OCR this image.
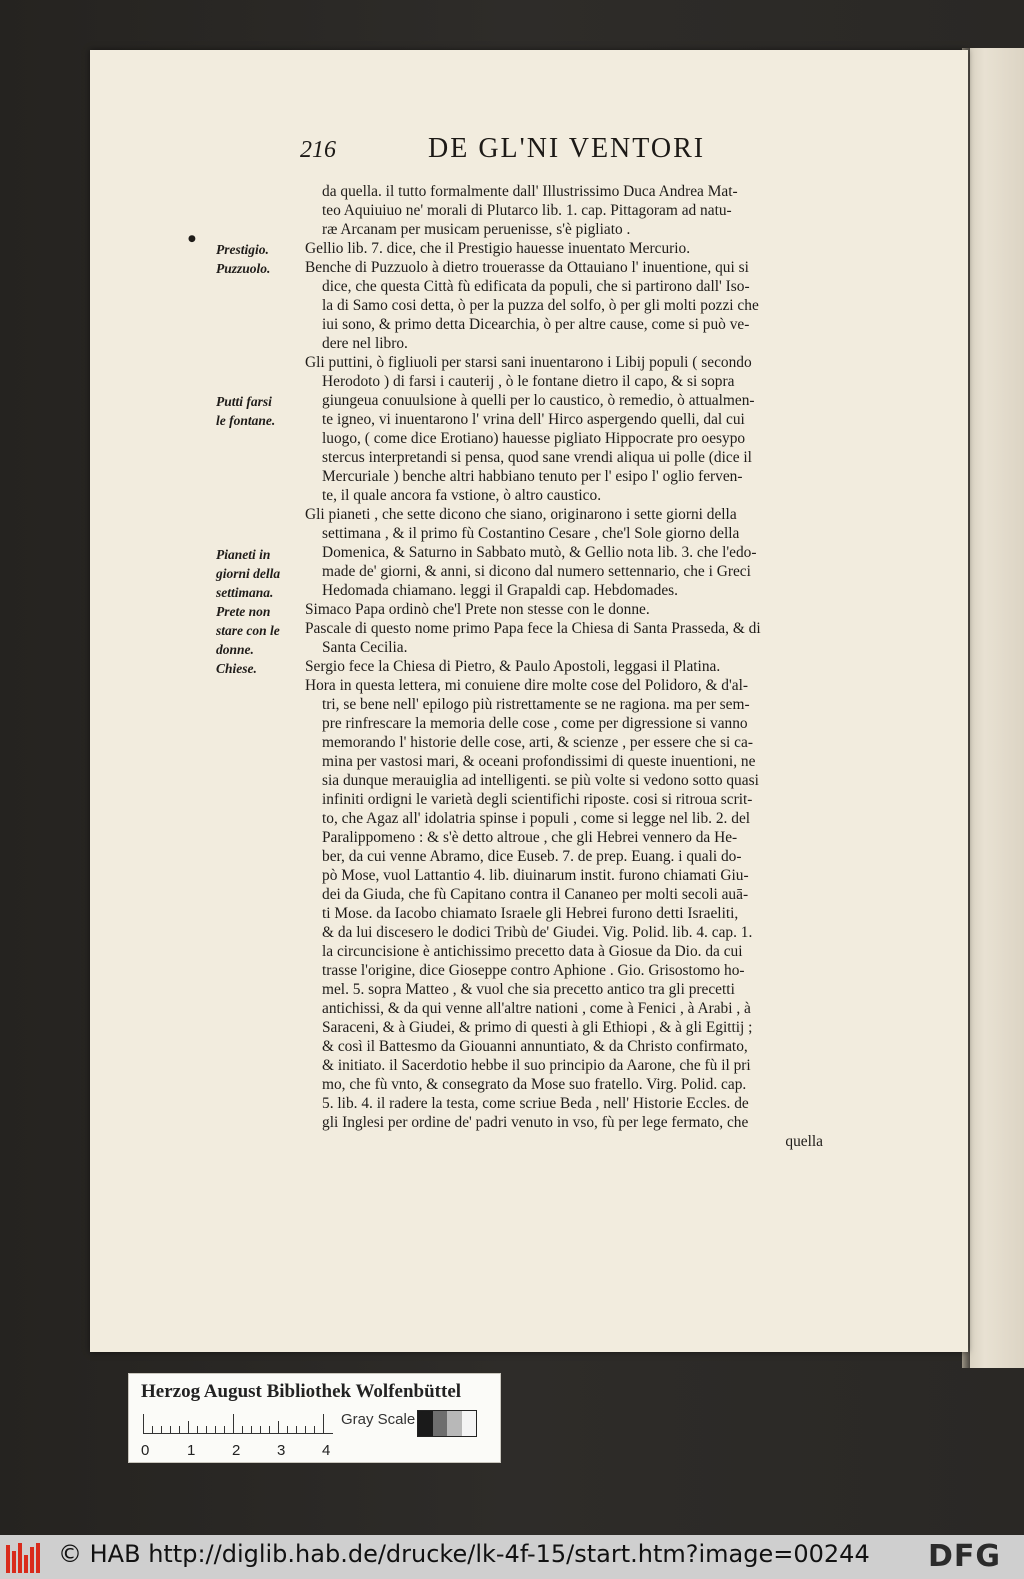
216	DE GL'NI VENTORI
●
Prestigio.
Puzzuolo.
Putti farsi
le fontane.
Pianeti in
giorni della
settimana.
Prete non
stare con le
donne.
Chiese.
da quella. il tutto formalmente dall' Illustrissimo Duca Andrea Mat-
teo Aquiuiuo ne' morali di Plutarco lib. 1. cap. Pittagoram ad natu-
ræ Arcanam per musicam peruenisse, s'è pigliato .
Gellio lib. 7. dice, che il Prestigio hauesse inuentato Mercurio.
Benche di Puzzuolo à dietro trouerasse da Ottauiano l' inuentione, qui si
dice, che questa Città fù edificata da populi, che si partirono dall' Iso-
la di Samo cosi detta, ò per la puzza del solfo, ò per gli molti pozzi che
iui sono, & primo detta Dicearchia, ò per altre cause, come si può ve-
dere nel libro.
Gli puttini, ò figliuoli per starsi sani inuentarono i Libij populi ( secondo
Herodoto ) di farsi i cauterij , ò le fontane dietro il capo, & si sopra
giungeua conuulsione à quelli per lo caustico, ò remedio, ò attualmen-
te igneo, vi inuentarono l' vrina dell' Hirco aspergendo quelli, dal cui
luogo, ( come dice Erotiano) hauesse pigliato Hippocrate pro oesypo
stercus interpretandi si pensa, quod sane vrendi aliqua ui polle (dice il
Mercuriale ) benche altri habbiano tenuto per l' esipo l' oglio ferven-
te, il quale ancora fa vstione, ò altro caustico.
Gli pianeti , che sette dicono che siano, originarono i sette giorni della
settimana , & il primo fù Costantino Cesare , che'l Sole giorno della
Domenica, & Saturno in Sabbato mutò, & Gellio nota lib. 3. che l'edo-
made de' giorni, & anni, si dicono dal numero settennario, che i Greci
Hedomada chiamano. leggi il Grapaldi cap. Hebdomades.
Simaco Papa ordinò che'l Prete non stesse con le donne.
Pascale di questo nome primo Papa fece la Chiesa di Santa Prassedа, & di
Santa Cecilia.
Sergio fece la Chiesa di Pietro, & Paulo Apostoli, leggasi il Platina.
Hora in questa lettera, mi conuiene dire molte cose del Polidoro, & d'al-
tri, se bene nell' epilogo più ristrettamente se ne ragiona. ma per sem-
pre rinfrescare la memoria delle cose , come per digressione si vanno
memorando l' historie delle cose, arti, & scienze , per essere che si ca-
mina per vastosi mari, & oceani profondissimi di queste inuentioni, ne
sia dunque merauiglia ad intelligenti. se più volte si vedono sotto quasi
infiniti ordigni le varietà degli scientifichi riposte. cosi si ritroua scrit-
to, che Agaz all' idolatria spinse i populi , come si legge nel lib. 2. del
Paralippomeno : & s'è detto altroue , che gli Hebrei vennero da He-
ber, da cui venne Abramo, dice Euseb. 7. de prep. Euang. i quali do-
pò Mose, vuol Lattantio 4. lib. diuinarum instit. furono chiamati Giu-
dei da Giuda, che fù Capitano contra il Cananeo per molti secoli auā-
ti Mose. da Iacobo chiamato Israele gli Hebrei furono detti Israeliti,
& da lui discesero le dodici Tribù de' Giudei. Vig. Polid. lib. 4. cap. 1.
la circuncisione è antichissimo precetto data à Giosue da Dio. da cui
trasse l'origine, dice Gioseppe contro Aphione . Gio. Grisostomo ho-
mel. 5. sopra Matteo , & vuol che sia precetto antico tra gli precetti
antichissi, & da qui venne all'altre nationi , come à Fenici , à Arabi , à
Saraceni, & à Giudei, & primo di questi à gli Ethiopi , & à gli Egittij ;
& così il Battesmo da Giouanni annuntiato, & da Christo confirmato,
& initiato. il Sacerdotio hebbe il suo principio da Aarone, che fù il pri
mo, che fù vnto, & consegrato da Mose suo fratello. Virg. Polid. cap.
5. lib. 4. il radere la testa, come scriue Beda , nell' Historie Eccles. de
gli Inglesi per ordine de' padri venuto in vso, fù per lege fermato, che
quella
Herzog August Bibliothek Wolfenbüttel
0	1 2 3 4
Gray Scale
© HAB http://diglib.hab.de/drucke/lk-4f-15/start.htm?image=00244 DFG
